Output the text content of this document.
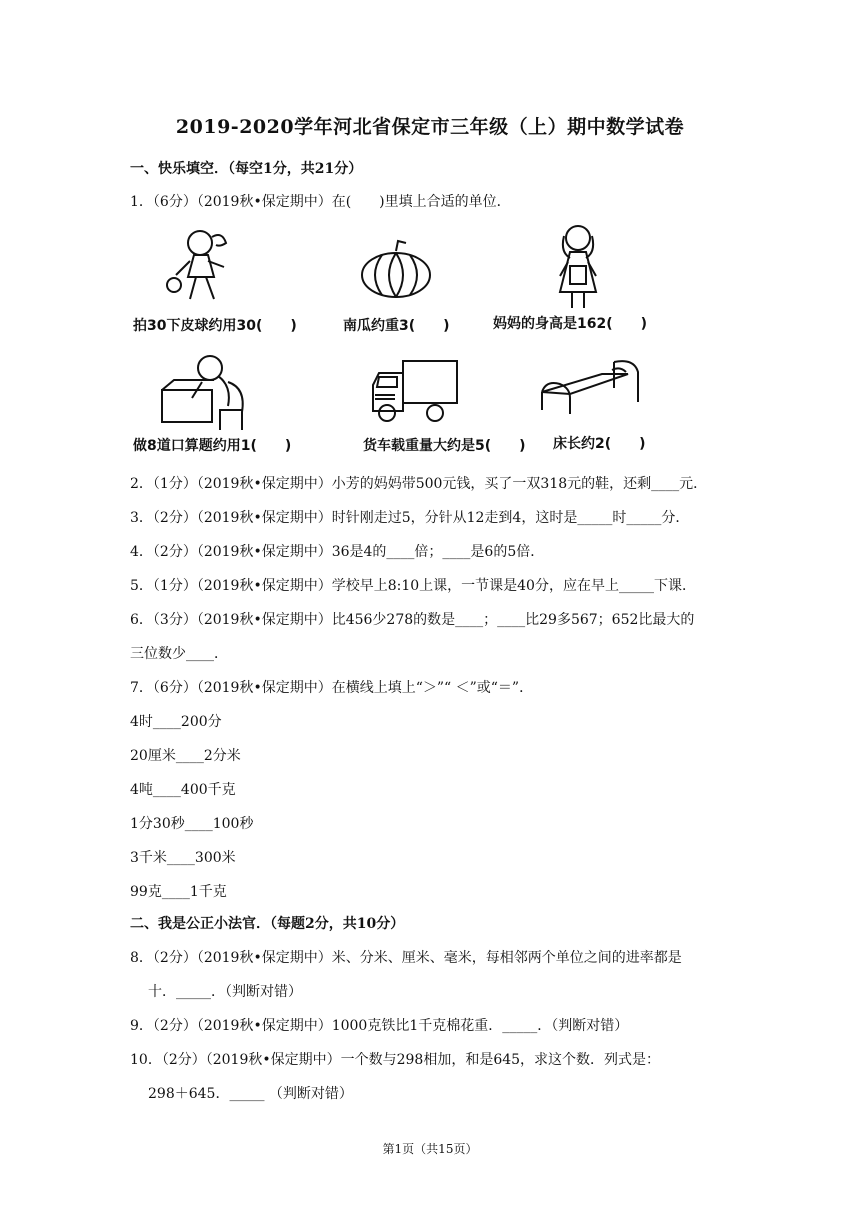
2019-2020学年河北省保定市三年级（上）期中数学试卷
一、快乐填空．（每空1分，共21分）
1．（6分）（2019秋•保定期中）在(　　)里填上合适的单位．
拍30下皮球约用30(　　)	南瓜约重3(　　)	妈妈的身高是162(　　)
做8道口算题约用1(　　)	货车载重量大约是5(　　) 床长约2(　　)
2．（1分）（2019秋•保定期中）小芳的妈妈带500元钱，买了一双318元的鞋，还剩____元．
3．（2分）（2019秋•保定期中）时针刚走过5，分针从12走到4，这时是_____时_____分．
4．（2分）（2019秋•保定期中）36是4的____倍；____是6的5倍．
5．（1分）（2019秋•保定期中）学校早上8:10上课，一节课是40分，应在早上_____下课．
6．（3分）（2019秋•保定期中）比456少278的数是____；____比29多567；652比最大的
三位数少____．
7．（6分）（2019秋•保定期中）在横线上填上“＞”“ ＜”或“＝”．
4时____200分
20厘米____2分米
4吨____400千克
1分30秒____100秒
3千米____300米
99克____1千克
二、我是公正小法官．（每题2分，共10分）
8．（2分）（2019秋•保定期中）米、分米、厘米、毫米，每相邻两个单位之间的进率都是
十．_____．（判断对错）
9．（2分）（2019秋•保定期中）1000克铁比1千克棉花重．_____．（判断对错）
10．（2分）（2019秋•保定期中）一个数与298相加，和是645，求这个数．列式是：
298＋645．_____ （判断对错）
第1页（共15页）
